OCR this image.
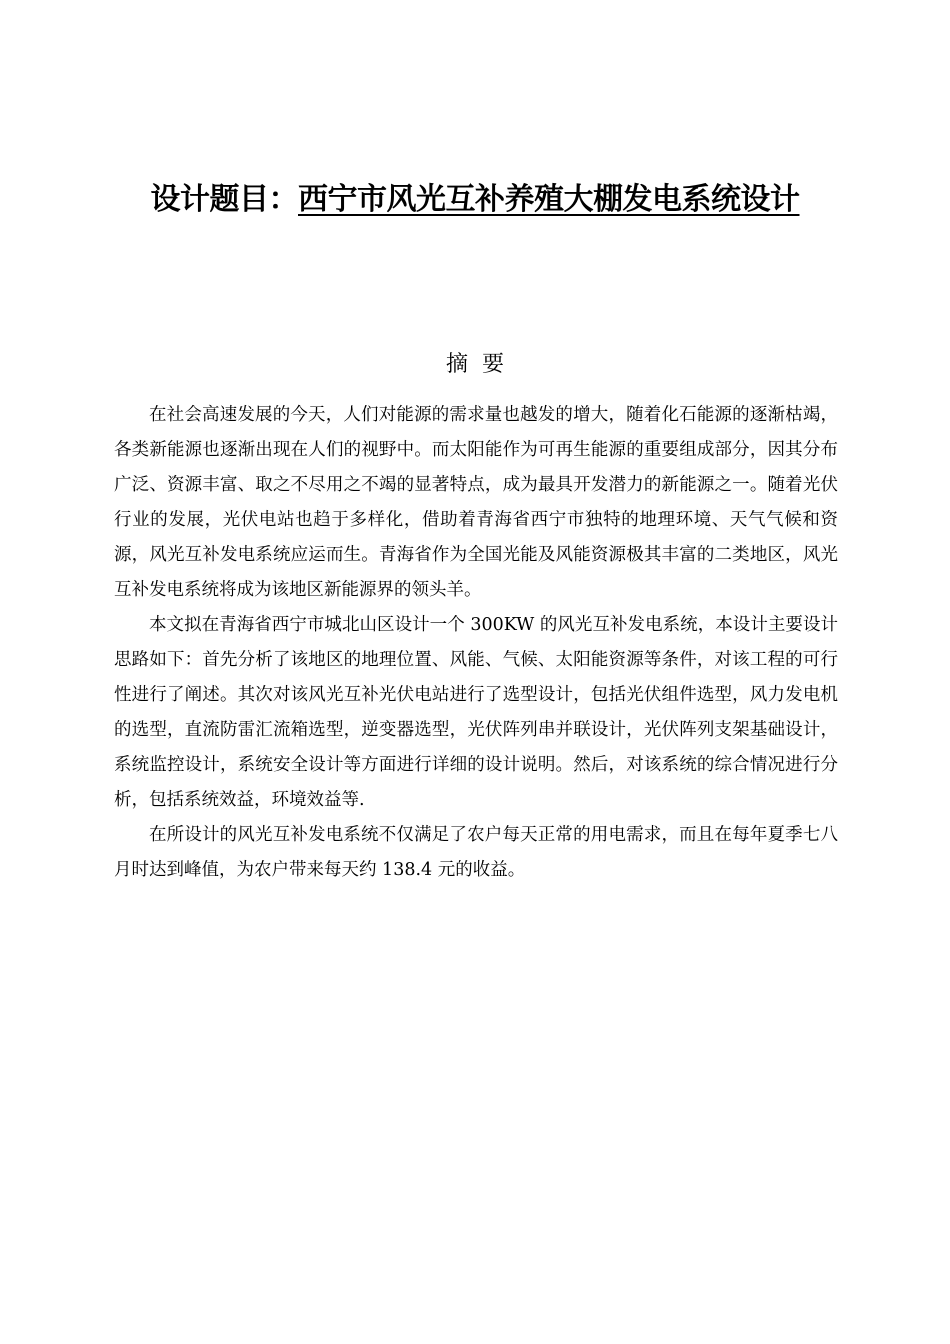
设计题目：西宁市风光互补养殖大棚发电系统设计
摘  要

在社会高速发展的今天，人们对能源的需求量也越发的增大，随着化石能源的逐渐枯竭，各类新能源也逐渐出现在人们的视野中。而太阳能作为可再生能源的重要组成部分，因其分布广泛、资源丰富、取之不尽用之不竭的显著特点，成为最具开发潜力的新能源之一。随着光伏行业的发展，光伏电站也趋于多样化，借助着青海省西宁市独特的地理环境、天气气候和资源，风光互补发电系统应运而生。青海省作为全国光能及风能资源极其丰富的二类地区，风光互补发电系统将成为该地区新能源界的领头羊。

本文拟在青海省西宁市城北山区设计一个 300KW 的风光互补发电系统，本设计主要设计思路如下：首先分析了该地区的地理位置、风能、气候、太阳能资源等条件，对该工程的可行性进行了阐述。其次对该风光互补光伏电站进行了选型设计，包括光伏组件选型，风力发电机的选型，直流防雷汇流箱选型，逆变器选型，光伏阵列串并联设计，光伏阵列支架基础设计，系统监控设计，系统安全设计等方面进行详细的设计说明。然后，对该系统的综合情况进行分析，包括系统效益，环境效益等.

在所设计的风光互补发电系统不仅满足了农户每天正常的用电需求，而且在每年夏季七八月时达到峰值，为农户带来每天约 138.4 元的收益。
